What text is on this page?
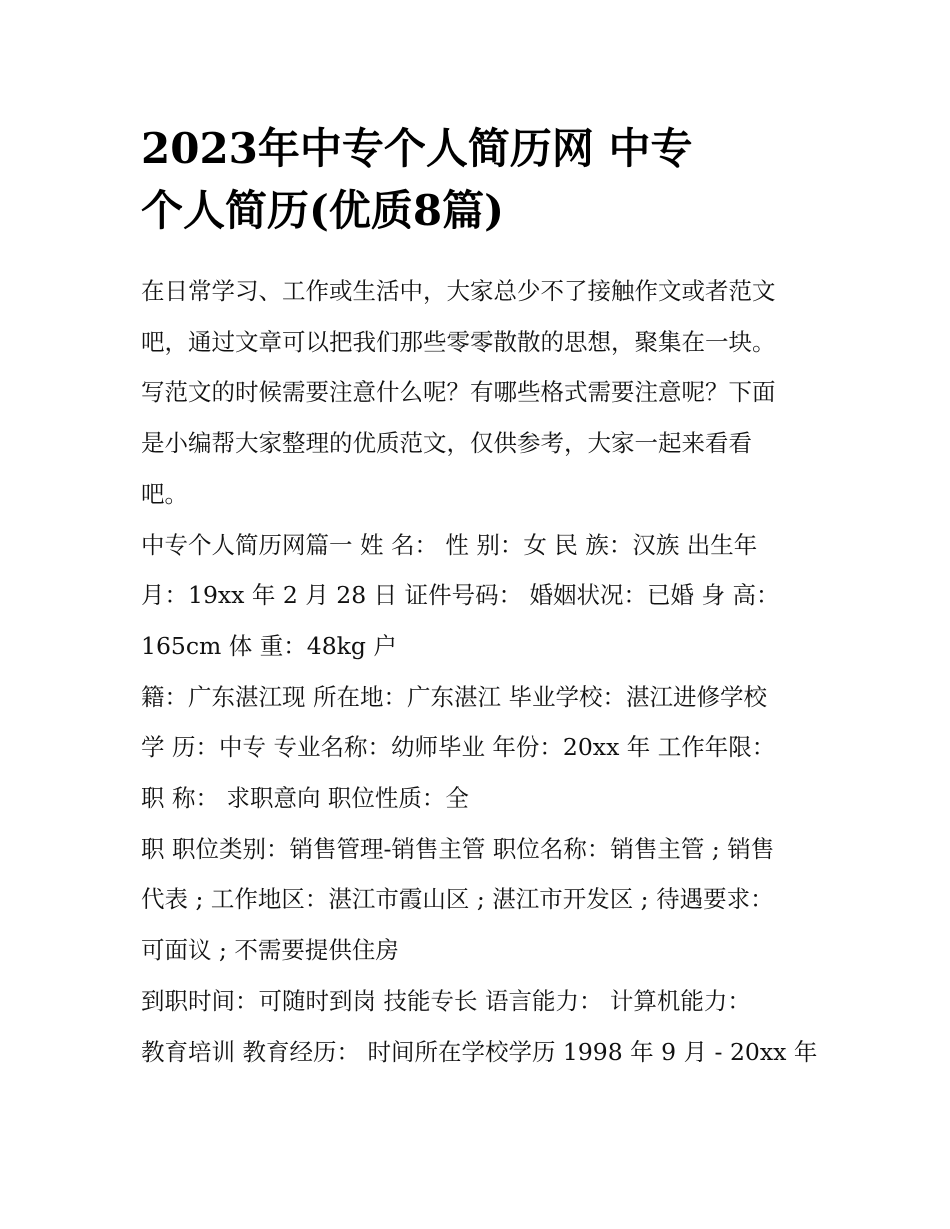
2023年中专个人简历网 中专
个人简历(优质8篇)
在日常学习、工作或生活中，大家总少不了接触作文或者范文
吧，通过文章可以把我们那些零零散散的思想，聚集在一块。
写范文的时候需要注意什么呢？有哪些格式需要注意呢？下面
是小编帮大家整理的优质范文，仅供参考，大家一起来看看
吧。
中专个人简历网篇一 姓 名： 性 别：女 民 族：汉族 出生年
月：19xx 年 2 月 28 日 证件号码： 婚姻状况：已婚 身 高：
165cm 体 重：48kg 户
籍：广东湛江现 所在地：广东湛江 毕业学校：湛江进修学校
学 历：中专 专业名称：幼师毕业 年份：20xx 年 工作年限：
职 称： 求职意向 职位性质：全
职 职位类别：销售管理-销售主管 职位名称：销售主管 ; 销售
代表 ; 工作地区：湛江市霞山区 ; 湛江市开发区 ; 待遇要求：
可面议 ; 不需要提供住房
到职时间：可随时到岗 技能专长 语言能力： 计算机能力：
教育培训 教育经历： 时间所在学校学历 1998 年 9 月 - 20xx 年
